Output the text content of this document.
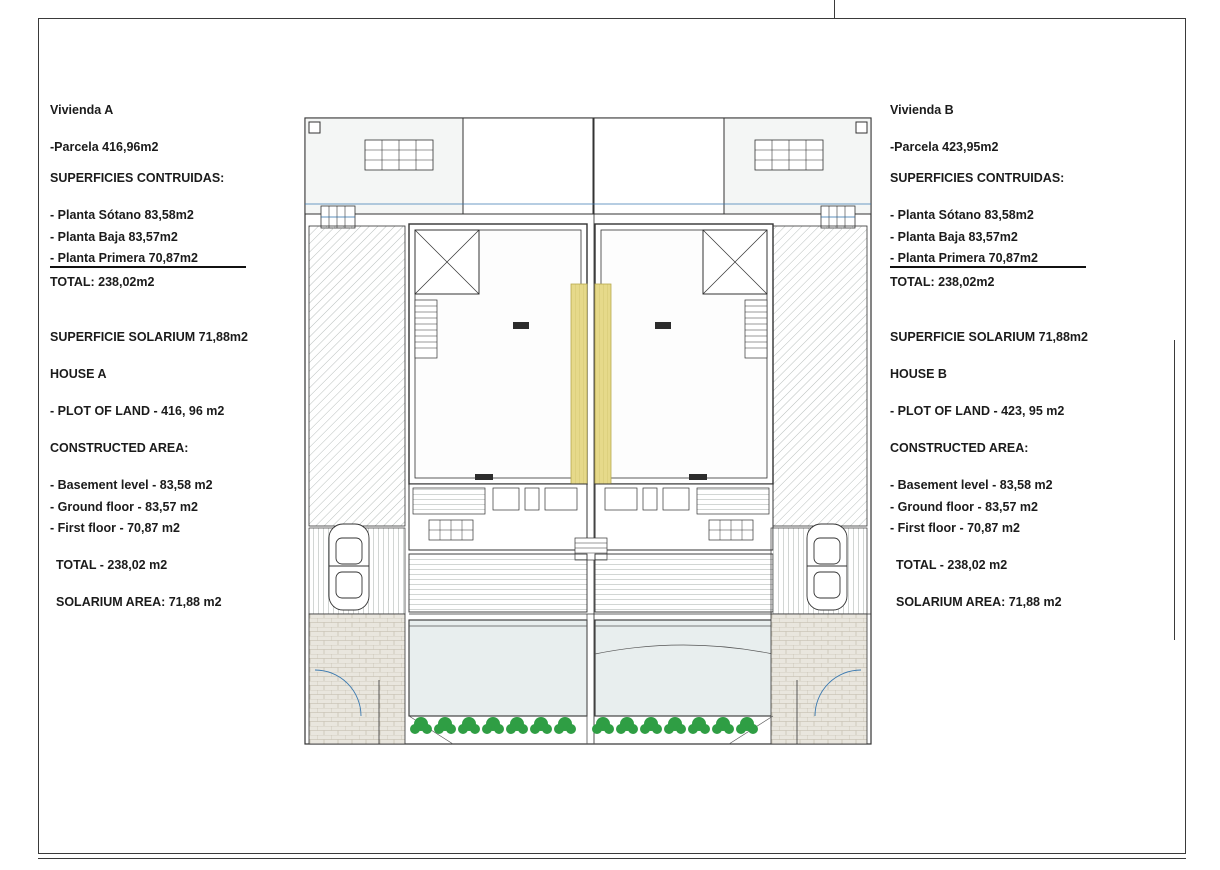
Vivienda A

-Parcela 416,96m2

SUPERFICIES CONTRUIDAS:

- Planta Sótano 83,58m2

- Planta Baja 83,57m2

- Planta Primera 70,87m2

TOTAL: 238,02m2

SUPERFICIE SOLARIUM 71,88m2

HOUSE A

- PLOT OF LAND - 416, 96 m2

CONSTRUCTED AREA:

- Basement level - 83,58 m2

- Ground floor - 83,57 m2

- First floor - 70,87 m2

TOTAL - 238,02 m2

SOLARIUM AREA: 71,88 m2

Vivienda B

-Parcela 423,95m2

SUPERFICIES CONTRUIDAS:

- Planta Sótano 83,58m2

- Planta Baja 83,57m2

- Planta Primera 70,87m2

TOTAL: 238,02m2

SUPERFICIE SOLARIUM 71,88m2

HOUSE B

- PLOT OF LAND - 423, 95 m2

CONSTRUCTED AREA:

- Basement level - 83,58 m2

- Ground floor - 83,57 m2

- First floor - 70,87 m2

TOTAL - 238,02 m2

SOLARIUM AREA: 71,88 m2
